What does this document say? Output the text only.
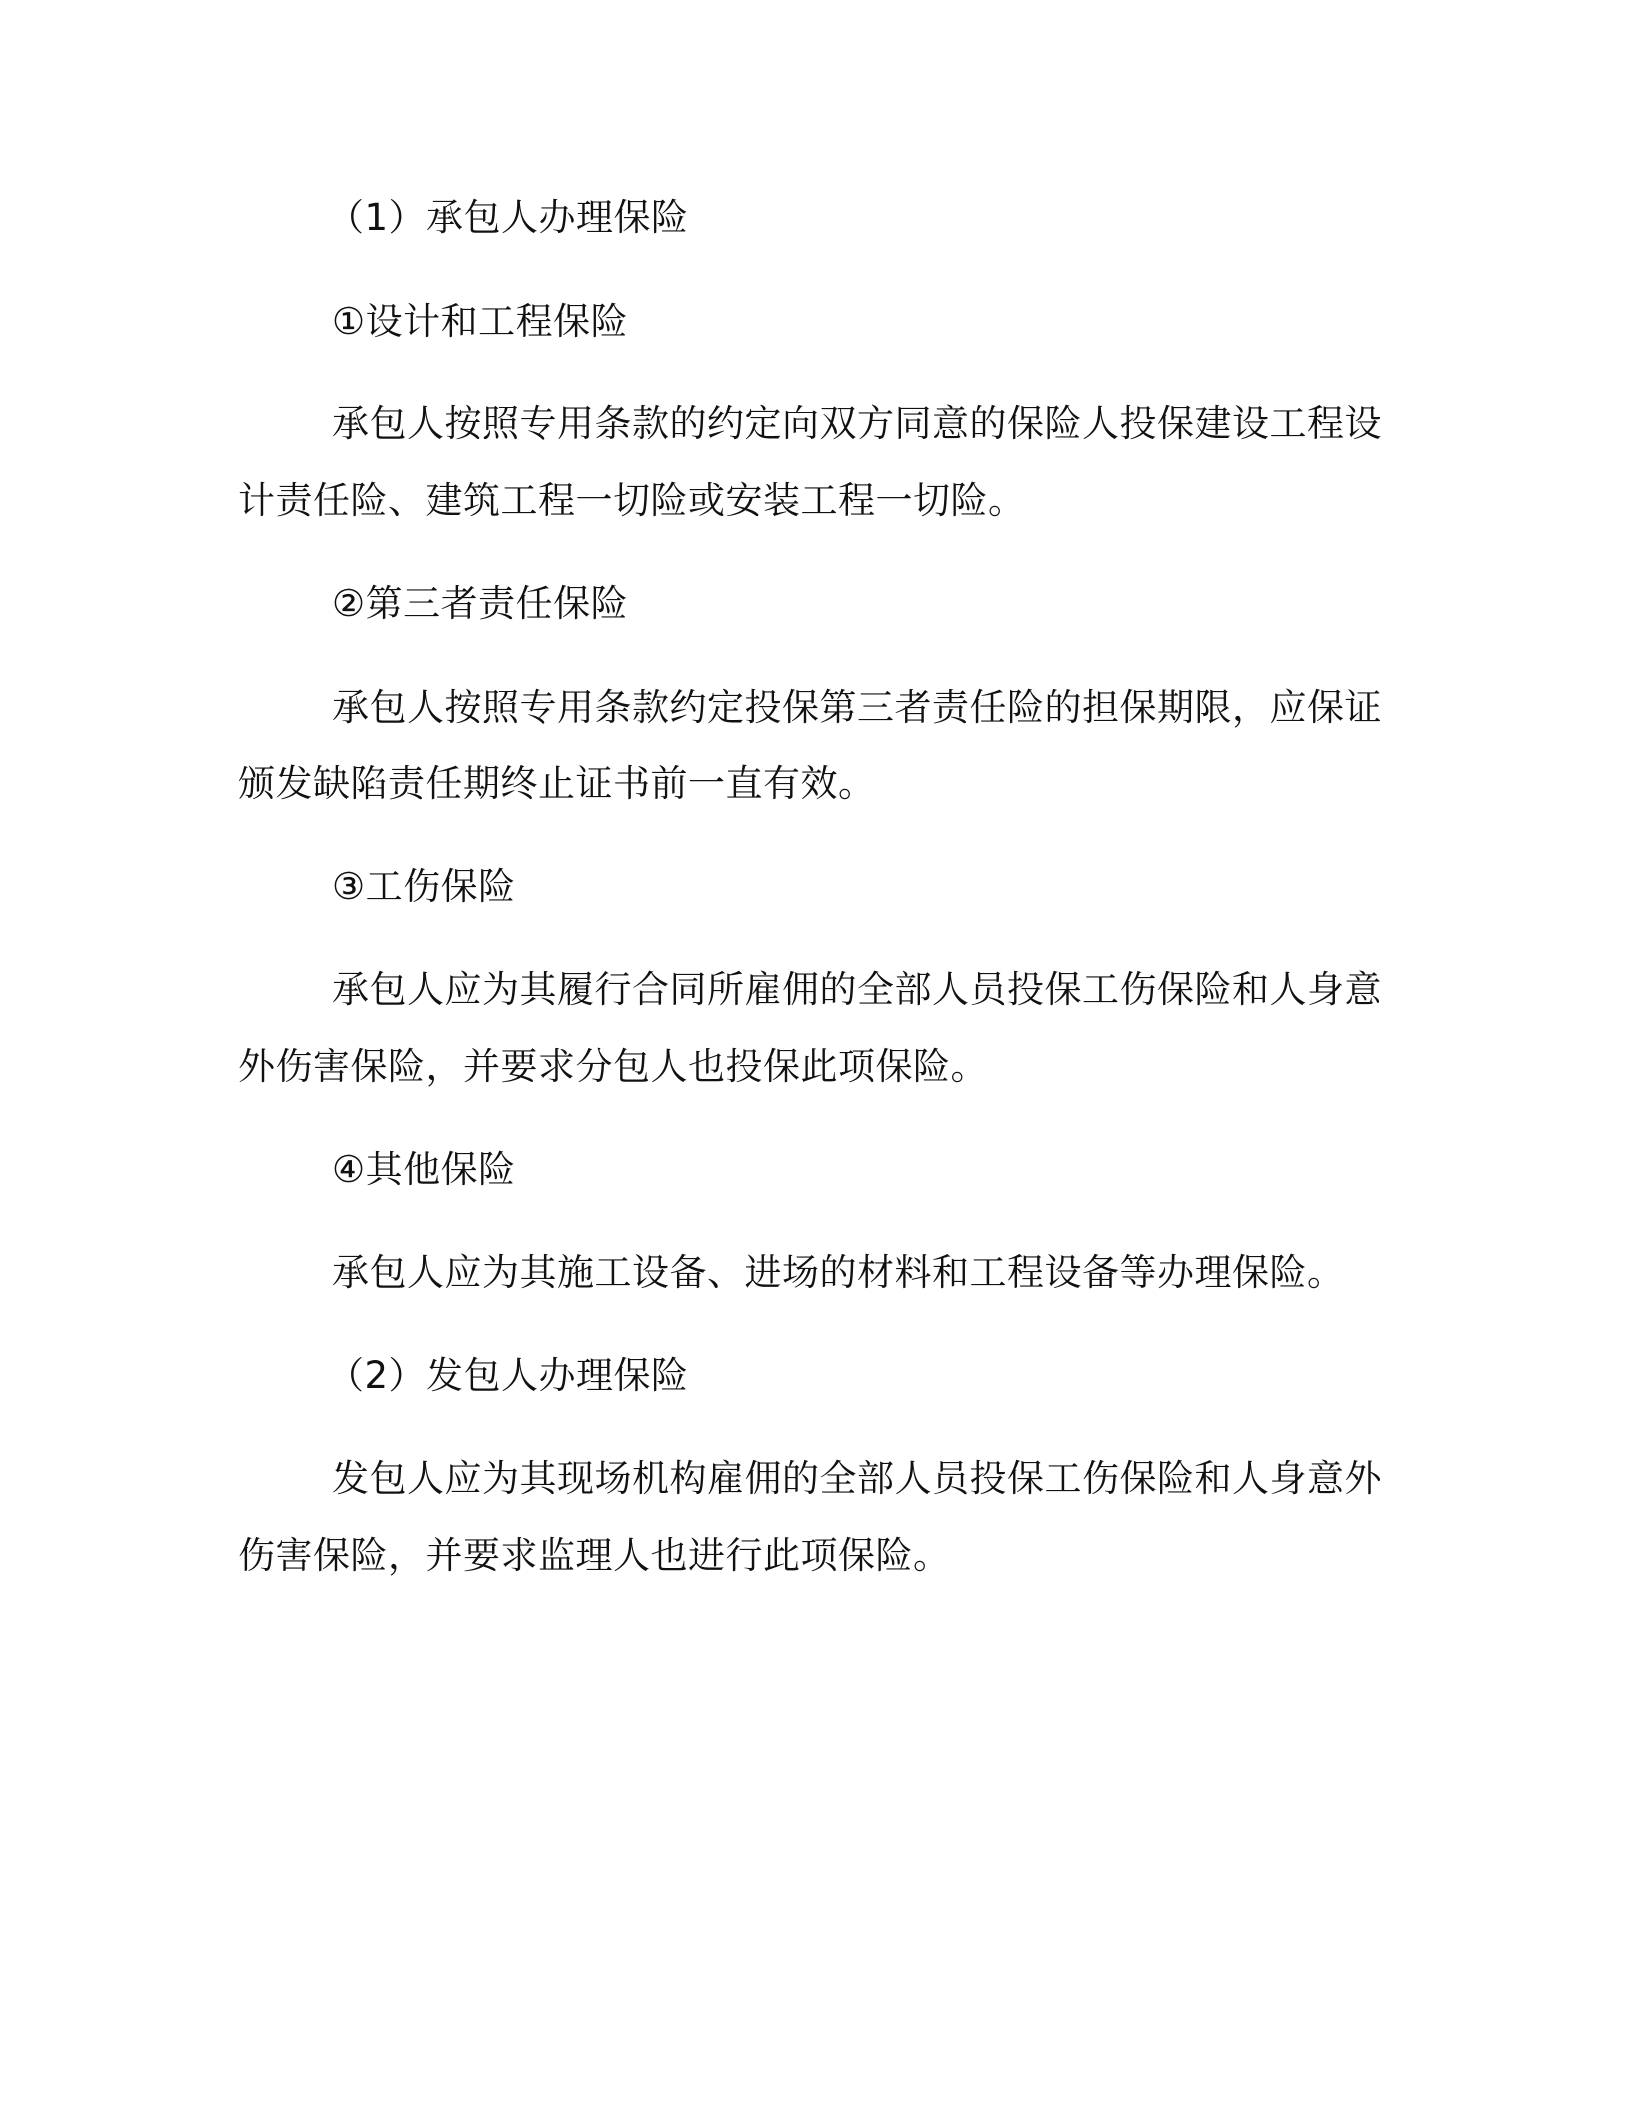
（1）承包人办理保险

①设计和工程保险

承包人按照专用条款的约定向双方同意的保险人投保建设工程设

计责任险、建筑工程一切险或安装工程一切险。

②第三者责任保险

承包人按照专用条款约定投保第三者责任险的担保期限，应保证

颁发缺陷责任期终止证书前一直有效。

③工伤保险

承包人应为其履行合同所雇佣的全部人员投保工伤保险和人身意

外伤害保险，并要求分包人也投保此项保险。

④其他保险

承包人应为其施工设备、进场的材料和工程设备等办理保险。

（2）发包人办理保险

发包人应为其现场机构雇佣的全部人员投保工伤保险和人身意外

伤害保险，并要求监理人也进行此项保险。
